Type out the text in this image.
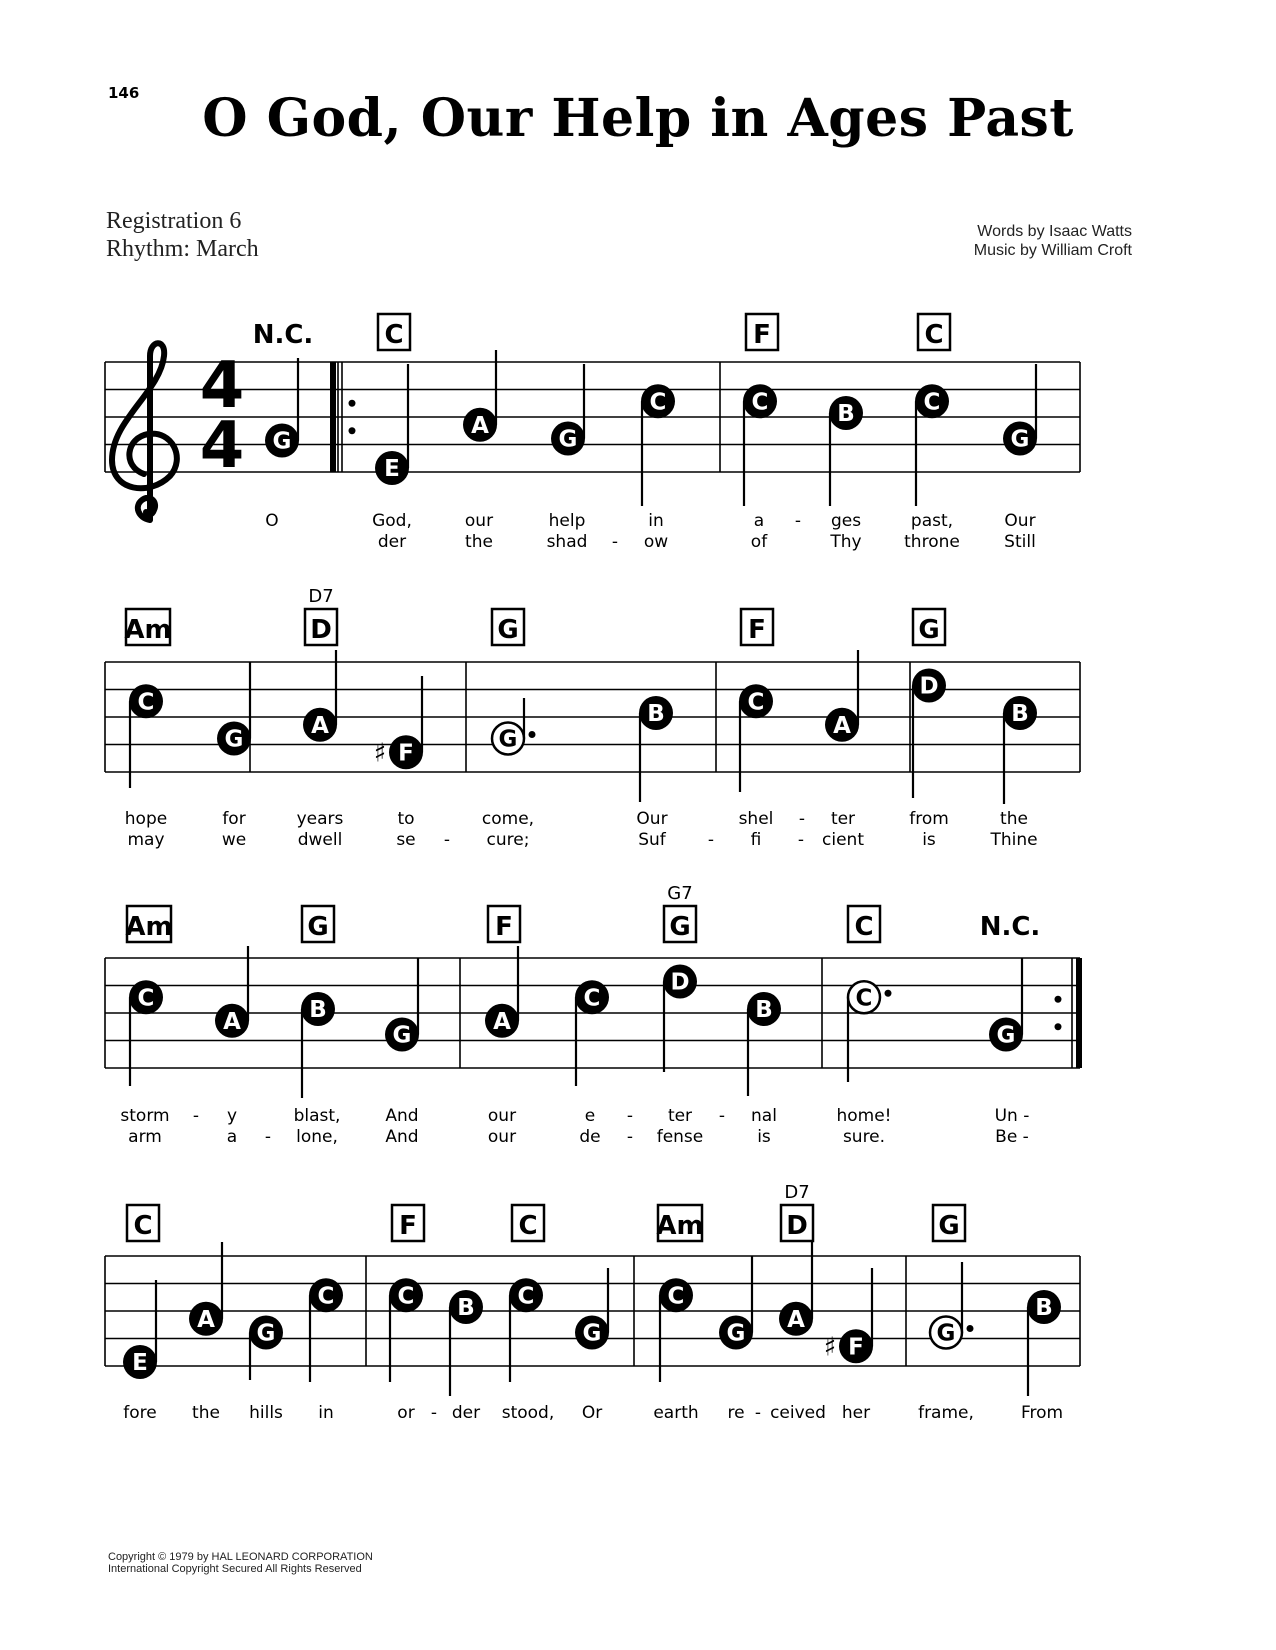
146	O God, Our Help in Ages Past
Registration 6
Rhythm: March
Words by Isaac Watts
Music by William Croft
4
4 G
E
A
G
C	C	B	C
G
C
G
A
F
♯	G
B	C
A
D
B
C
A	B
G
A
C
D
B	C
G
E
A
G
C	C B C
G
C
G
A
F
♯	G
B
N.C.	C	F	C
O	God,	our	help	in	a - ges	past,	Our
der	the	shad - ow	of	Thy	throne	Still
Am	D
D7
G	F	G
hope	for	years	to	come,	Our	shel - ter	from	the
may	we	dwell	se - cure;	Suf - fi - cient	is	Thine
Am	G	F	G
G7
C	N.C.
storm - y	blast,	And	our	e - ter - nal	home!	Un -
arm	a - lone,	And	our	de - fense	is	sure.	Be -
C	F	C	Am	D
D7
G
fore the hills in	or - der stood, Or	earth re - ceived her	frame,	From
Copyright © 1979 by HAL LEONARD CORPORATION
International Copyright Secured All Rights Reserved
